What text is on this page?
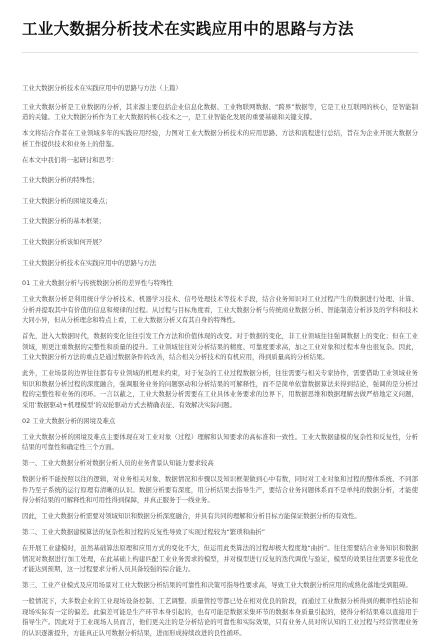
工业大数据分析技术在实践应用中的思路与方法

工业大数据分析技术在实践应用中的思路与方法（上篇）

工业大数据分析是工业数据的分析，其来源主要包括企业信息化数据、工业物联网数据、“跨界”数据等，它是工业互联网的核心，是智能制造的关键。工业大数据分析作为工业大数据的核心技术之一，是工业智能化发展的重要基础和关键支撑。

本文将结合作者在工业领域多年的实践应用经验，力图对工业大数据分析技术的应用思路、方法和流程进行总结，旨在为企业开展大数据分析工作提供技术和业务上的借鉴。

在本文中我们将一起研讨和思考：

工业大数据分析的特殊性；

工业大数据分析的困境及难点；

工业大数据分析的基本框架；

工业大数据分析该如何开展？

工业大数据分析技术在实践应用中的思路与方法

01 工业大数据分析与传统数据分析的差异性与特殊性

工业大数据分析是利用统计学分析技术、机器学习技术、信号处理技术等技术手段，结合业务知识对工业过程产生的数据进行处理、计算、分析并提取其中有价值的信息和规律的过程。从过程与目标角度看，工业大数据分析与传统商业数据分析、智能制造分析涉及的学科和技术大同小异，但从分析理念和特点上看，工业大数据分析又有其自身的特殊性。

首先，进入大数据时代，数据的变化往往引发工作方法和价值体现的改变。对于数据的变化，非工业领域往往强调数据上的变化；但在工业领域，则更注重数据的完整性和质量的提升。工业领域往往对分析结果的精度、可靠度要求高，加之工业对象和过程本身也很复杂。因此，工业大数据分析方法的重点是通过数据条件的改善，结合相关分析技术的有机应用，得到质量高的分析结果。

此外，工业场景的边界往往都有专业领域的机理来约束，对于复杂的工业过程数据分析，往往需要与相关专家协作，需要借助工业领域业务知识和数据分析过程的深度融合，强调服务业务的问题驱动和分析结果的可解释性，而不是简单依靠数据算法来得到结论，强调的是分析过程的完整性和业务的闭环。一言以蔽之，工业大数据分析需要在工业具体业务要求的边界下，用数据思维和数据理解去做严格地定义问题，采用‘数据驱动+机理模型’的双轮驱动方式去精确表征、有效解决实际问题。

02 工业大数据分析的困境及难点

工业大数据分析的困境及难点主要体现在对工业对象（过程）理解和认知要求的高标准和一致性。工业大数据建模的复杂性和反复性，分析结果的可靠性和确定性三个方面。

第一、工业大数据分析对数据分析人员的业务背景认知能力要求较高

数据分析不能按照以往的逻辑，对业务相关对象、数据情况和步骤以及知识框架做到心中有数，同时对工业对象和过程的整体系统、不同部件乃至子系统的运行原理有清晰的认识。数据分析要有深度，用分析结果去指导生产，要结合业务问题体系而不是单纯的数据分析，才能使得分析结果的可解释性和可用性得到保障，并真正服务于一线业务。

因此，工业大数据分析需要对领域知识和数据分析深度融合，并具有共同的理解和分析目标方能保证数据分析的有效性。

第二、工业大数据建模算法的复杂性和过程的反复性导致了实现过程较为“繁琐和曲折”

在开展工业建模时，虽然基础算法原理和应用方式的变化不大，但运用此类算法的过程却极大程度地“曲折”。往往需要结合业务知识和数据情况对数据进行加工处理，在此基础上构建匹配工业业务需求的模型，并对模型进行反复的迭代调优与验证，模型的效果往往需要多轮优化才能达到预期，这一过程要求分析人员具备较强的综合能力。

第三、工业产业模式及应用场景对工业大数据分析结果的可靠性和决策可指导性要求高，导致工业大数据分析应用的成熟化落地受到阻碍。

一般情况下，大多数企业的工业现场设备控制、工艺调整、质量管控等都已处在相对优良的阶段，而通过工业数据分析得到的概率性结论和现场实际有一定的偏差。此偏差可能是生产环节本身引起的，也有可能是数据采集环节的数据本身质量引起的，使得分析结果难以直接用于指导生产。因此对于工业现场人员而言，他们更关注的是分析结论的可靠性和实际效果，只有业务人员对所认知的工业过程与经营管理业务的认识逐渐提升，方能真正认可数据分析结果，进而形成持续改进的良性循环。
